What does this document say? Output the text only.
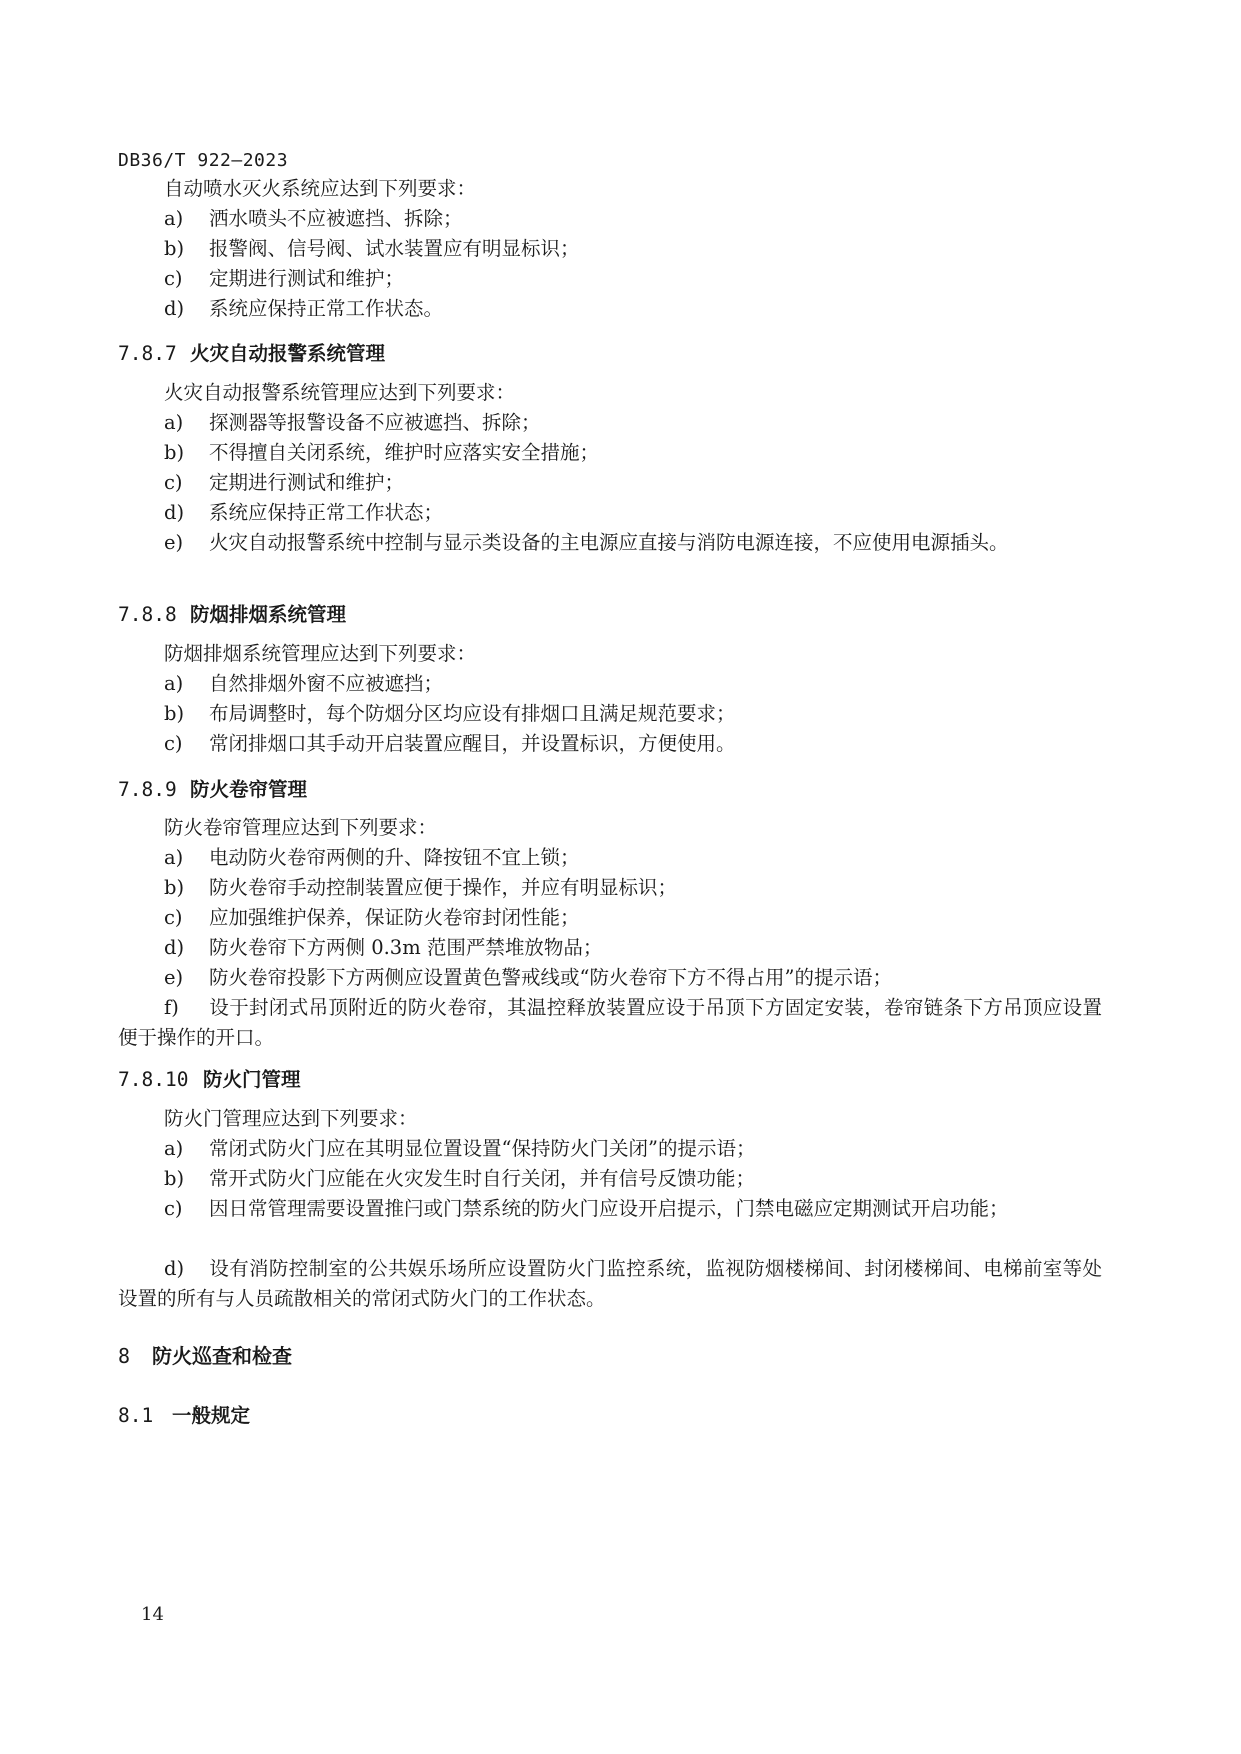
DB36/T 922—2023
自动喷水灭火系统应达到下列要求：
a) 洒水喷头不应被遮挡、拆除；
b) 报警阀、信号阀、试水装置应有明显标识；
c) 定期进行测试和维护；
d) 系统应保持正常工作状态。
7.8.7 火灾自动报警系统管理
火灾自动报警系统管理应达到下列要求：
a) 探测器等报警设备不应被遮挡、拆除；
b) 不得擅自关闭系统，维护时应落实安全措施；
c) 定期进行测试和维护；
d) 系统应保持正常工作状态；
e) 火灾自动报警系统中控制与显示类设备的主电源应直接与消防电源连接，不应使用电源插头。
7.8.8 防烟排烟系统管理
防烟排烟系统管理应达到下列要求：
a) 自然排烟外窗不应被遮挡；
b) 布局调整时，每个防烟分区均应设有排烟口且满足规范要求；
c) 常闭排烟口其手动开启装置应醒目，并设置标识，方便使用。
7.8.9 防火卷帘管理
防火卷帘管理应达到下列要求：
a) 电动防火卷帘两侧的升、降按钮不宜上锁；
b) 防火卷帘手动控制装置应便于操作，并应有明显标识；
c) 应加强维护保养，保证防火卷帘封闭性能；
d) 防火卷帘下方两侧 0.3m 范围严禁堆放物品；
e) 防火卷帘投影下方两侧应设置黄色警戒线或“防火卷帘下方不得占用”的提示语；
f) 设于封闭式吊顶附近的防火卷帘，其温控释放装置应设于吊顶下方固定安装，卷帘链条下方吊顶应设置便于操作的开口。
7.8.10 防火门管理
防火门管理应达到下列要求：
a) 常闭式防火门应在其明显位置设置“保持防火门关闭”的提示语；
b) 常开式防火门应能在火灾发生时自行关闭，并有信号反馈功能；
c) 因日常管理需要设置推闩或门禁系统的防火门应设开启提示，门禁电磁应定期测试开启功能；
d) 设有消防控制室的公共娱乐场所应设置防火门监控系统，监视防烟楼梯间、封闭楼梯间、电梯前室等处设置的所有与人员疏散相关的常闭式防火门的工作状态。
8 防火巡查和检查
8.1 一般规定
14
